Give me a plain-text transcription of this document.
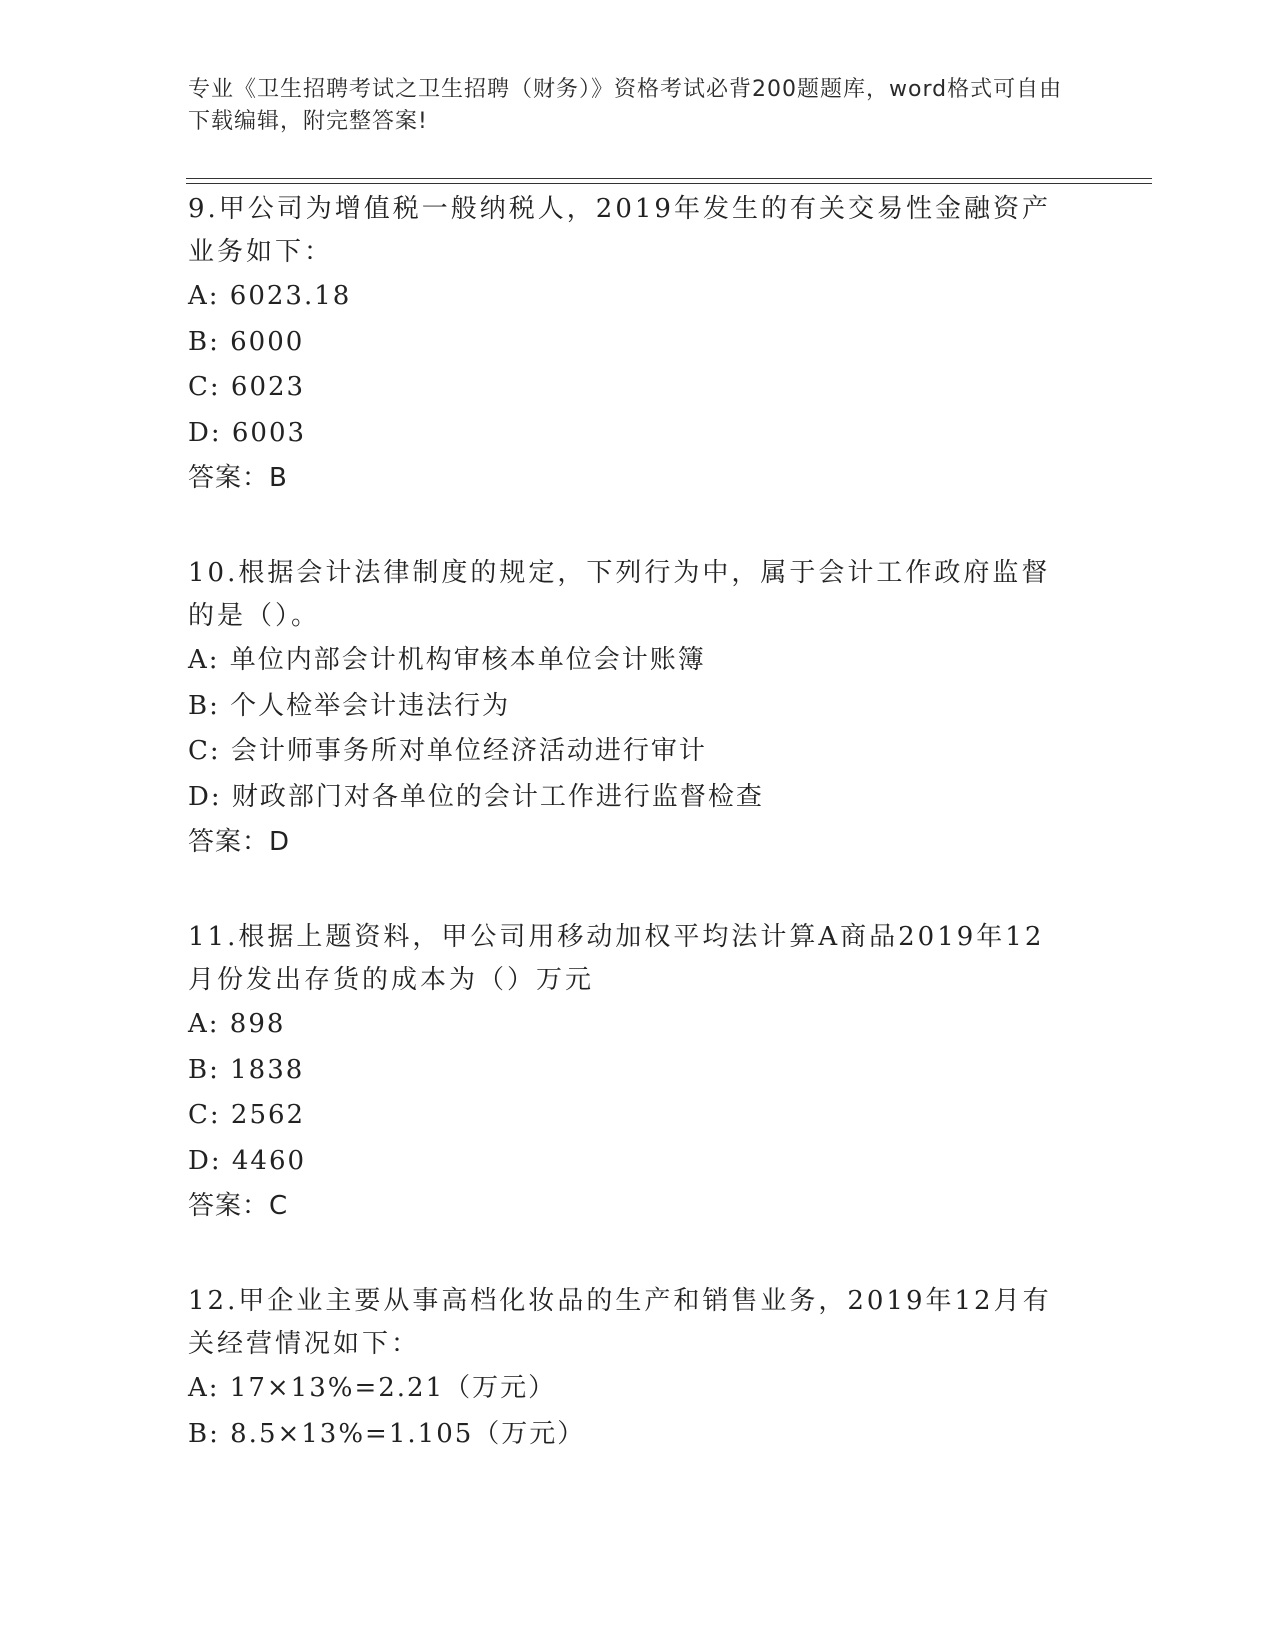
专业《卫生招聘考试之卫生招聘（财务）》资格考试必背200题题库，word格式可自由下载编辑，附完整答案!

9.甲公司为增值税一般纳税人，2019年发生的有关交易性金融资产业务如下：

A: 6023.18

B: 6000

C: 6023

D: 6003

答案：B

10.根据会计法律制度的规定，下列行为中，属于会计工作政府监督的是（）。

A: 单位内部会计机构审核本单位会计账簿

B: 个人检举会计违法行为

C: 会计师事务所对单位经济活动进行审计

D: 财政部门对各单位的会计工作进行监督检查

答案：D

11.根据上题资料，甲公司用移动加权平均法计算A商品2019年12月份发出存货的成本为（）万元

A: 898

B: 1838

C: 2562

D: 4460

答案：C

12.甲企业主要从事高档化妆品的生产和销售业务，2019年12月有关经营情况如下：

A: 17×13%=2.21（万元）

B: 8.5×13%=1.105（万元）
